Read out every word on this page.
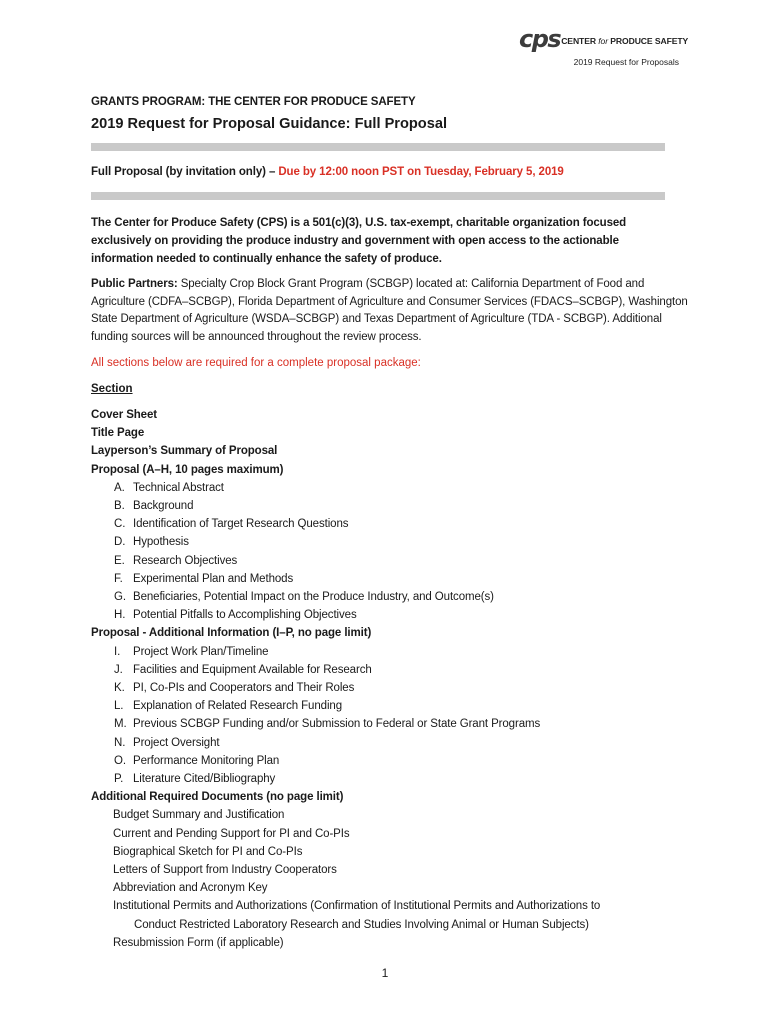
cps CENTER for PRODUCE SAFETY
2019 Request for Proposals

GRANTS PROGRAM: THE CENTER FOR PRODUCE SAFETY

2019 Request for Proposal Guidance: Full Proposal

Full Proposal (by invitation only) – Due by 12:00 noon PST on Tuesday, February 5, 2019
The Center for Produce Safety (CPS) is a 501(c)(3), U.S. tax-exempt, charitable organization focused exclusively on providing the produce industry and government with open access to the actionable information needed to continually enhance the safety of produce.
Public Partners: Specialty Crop Block Grant Program (SCBGP) located at: California Department of Food and Agriculture (CDFA–SCBGP), Florida Department of Agriculture and Consumer Services (FDACS–SCBGP), Washington State Department of Agriculture (WSDA–SCBGP) and Texas Department of Agriculture (TDA - SCBGP). Additional funding sources will be announced throughout the review process.
All sections below are required for a complete proposal package:
Section
Cover Sheet
Title Page
Layperson’s Summary of Proposal
Proposal (A–H, 10 pages maximum)
A. Technical Abstract
B. Background
C. Identification of Target Research Questions
D. Hypothesis
E. Research Objectives
F. Experimental Plan and Methods
G. Beneficiaries, Potential Impact on the Produce Industry, and Outcome(s)
H. Potential Pitfalls to Accomplishing Objectives
Proposal - Additional Information (I–P, no page limit)
I.	Project Work Plan/Timeline
J. Facilities and Equipment Available for Research
K. PI, Co-PIs and Cooperators and Their Roles
L. Explanation of Related Research Funding
M. Previous SCBGP Funding and/or Submission to Federal or State Grant Programs
N. Project Oversight
O. Performance Monitoring Plan
P. Literature Cited/Bibliography
Additional Required Documents (no page limit)
Budget Summary and Justification
Current and Pending Support for PI and Co-PIs
Biographical Sketch for PI and Co-PIs
Letters of Support from Industry Cooperators
Abbreviation and Acronym Key
Institutional Permits and Authorizations (Confirmation of Institutional Permits and Authorizations to
Conduct Restricted Laboratory Research and Studies Involving Animal or Human Subjects)
Resubmission Form (if applicable)
1
